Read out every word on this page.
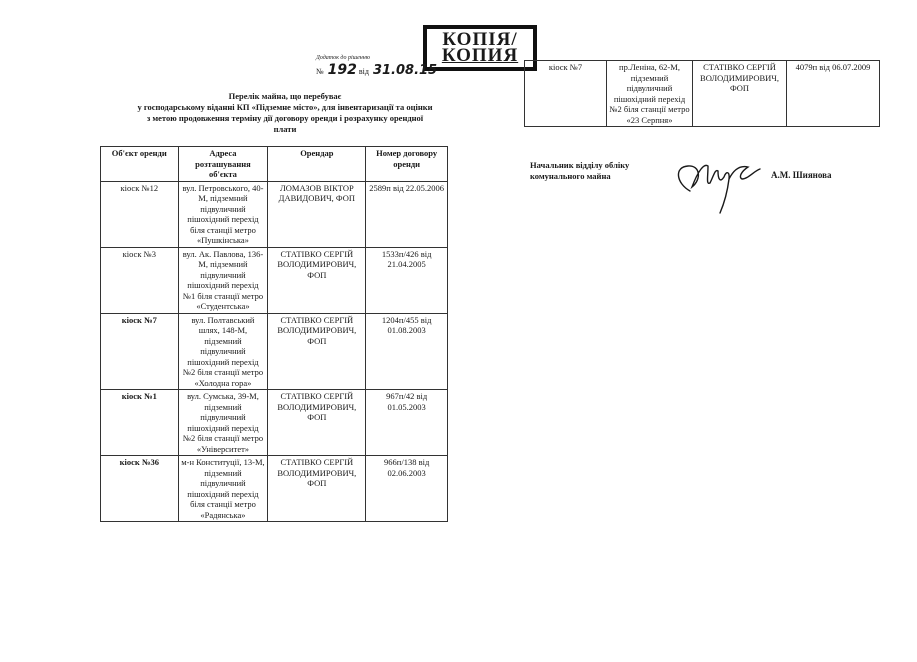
КОПІЯ/
КОПИЯ
Додаток до рішенню
№ 192 від 31.08.15
Перелік майна, що перебуває
у господарському віданні КП «Підземне місто», для інвентаризації та оцінки
з метою продовження терміну дії договору оренди і розрахунку орендної
плати
Об'єкт оренди	Адреса розташування об'єкта	Орендар	Номер договору оренди
кіоск №12	вул. Петровського, 40-М, підземний підвуличний пішохідний перехід біля станції метро «Пушкінська»	ЛОМАЗОВ ВІКТОР ДАВИДОВИЧ, ФОП	2589п від 22.05.2006
кіоск №3	вул. Ак. Павлова, 136-М, підземний підвуличний пішохідний перехід №1 біля станції метро «Студентська»	СТАТІВКО СЕРГІЙ ВОЛОДИМИРОВИЧ, ФОП	1533п/426 від 21.04.2005
кіоск №7	вул. Полтавський шлях, 148-М, підземний підвуличний пішохідний перехід №2 біля станції метро «Холодна гора»	СТАТІВКО СЕРГІЙ ВОЛОДИМИРОВИЧ, ФОП	1204п/455 від 01.08.2003
кіоск №1	вул. Сумська, 39-М, підземний підвуличний пішохідний перехід №2 біля станції метро «Університет»	СТАТІВКО СЕРГІЙ ВОЛОДИМИРОВИЧ, ФОП	967п/42 від 01.05.2003
кіоск №36	м-н Конституції, 13-М, підземний підвуличний пішохідний перехід біля станції метро «Радянська»	СТАТІВКО СЕРГІЙ ВОЛОДИМИРОВИЧ, ФОП	966п/138 від 02.06.2003
кіоск №7	пр.Леніна, 62-М, підземний підвуличний пішохідний перехід №2 біля станції метро «23 Серпня»	СТАТІВКО СЕРГІЙ ВОЛОДИМИРОВИЧ, ФОП	4079п від 06.07.2009
Начальник відділу обліку
комунального майна	А.М. Шиянова
